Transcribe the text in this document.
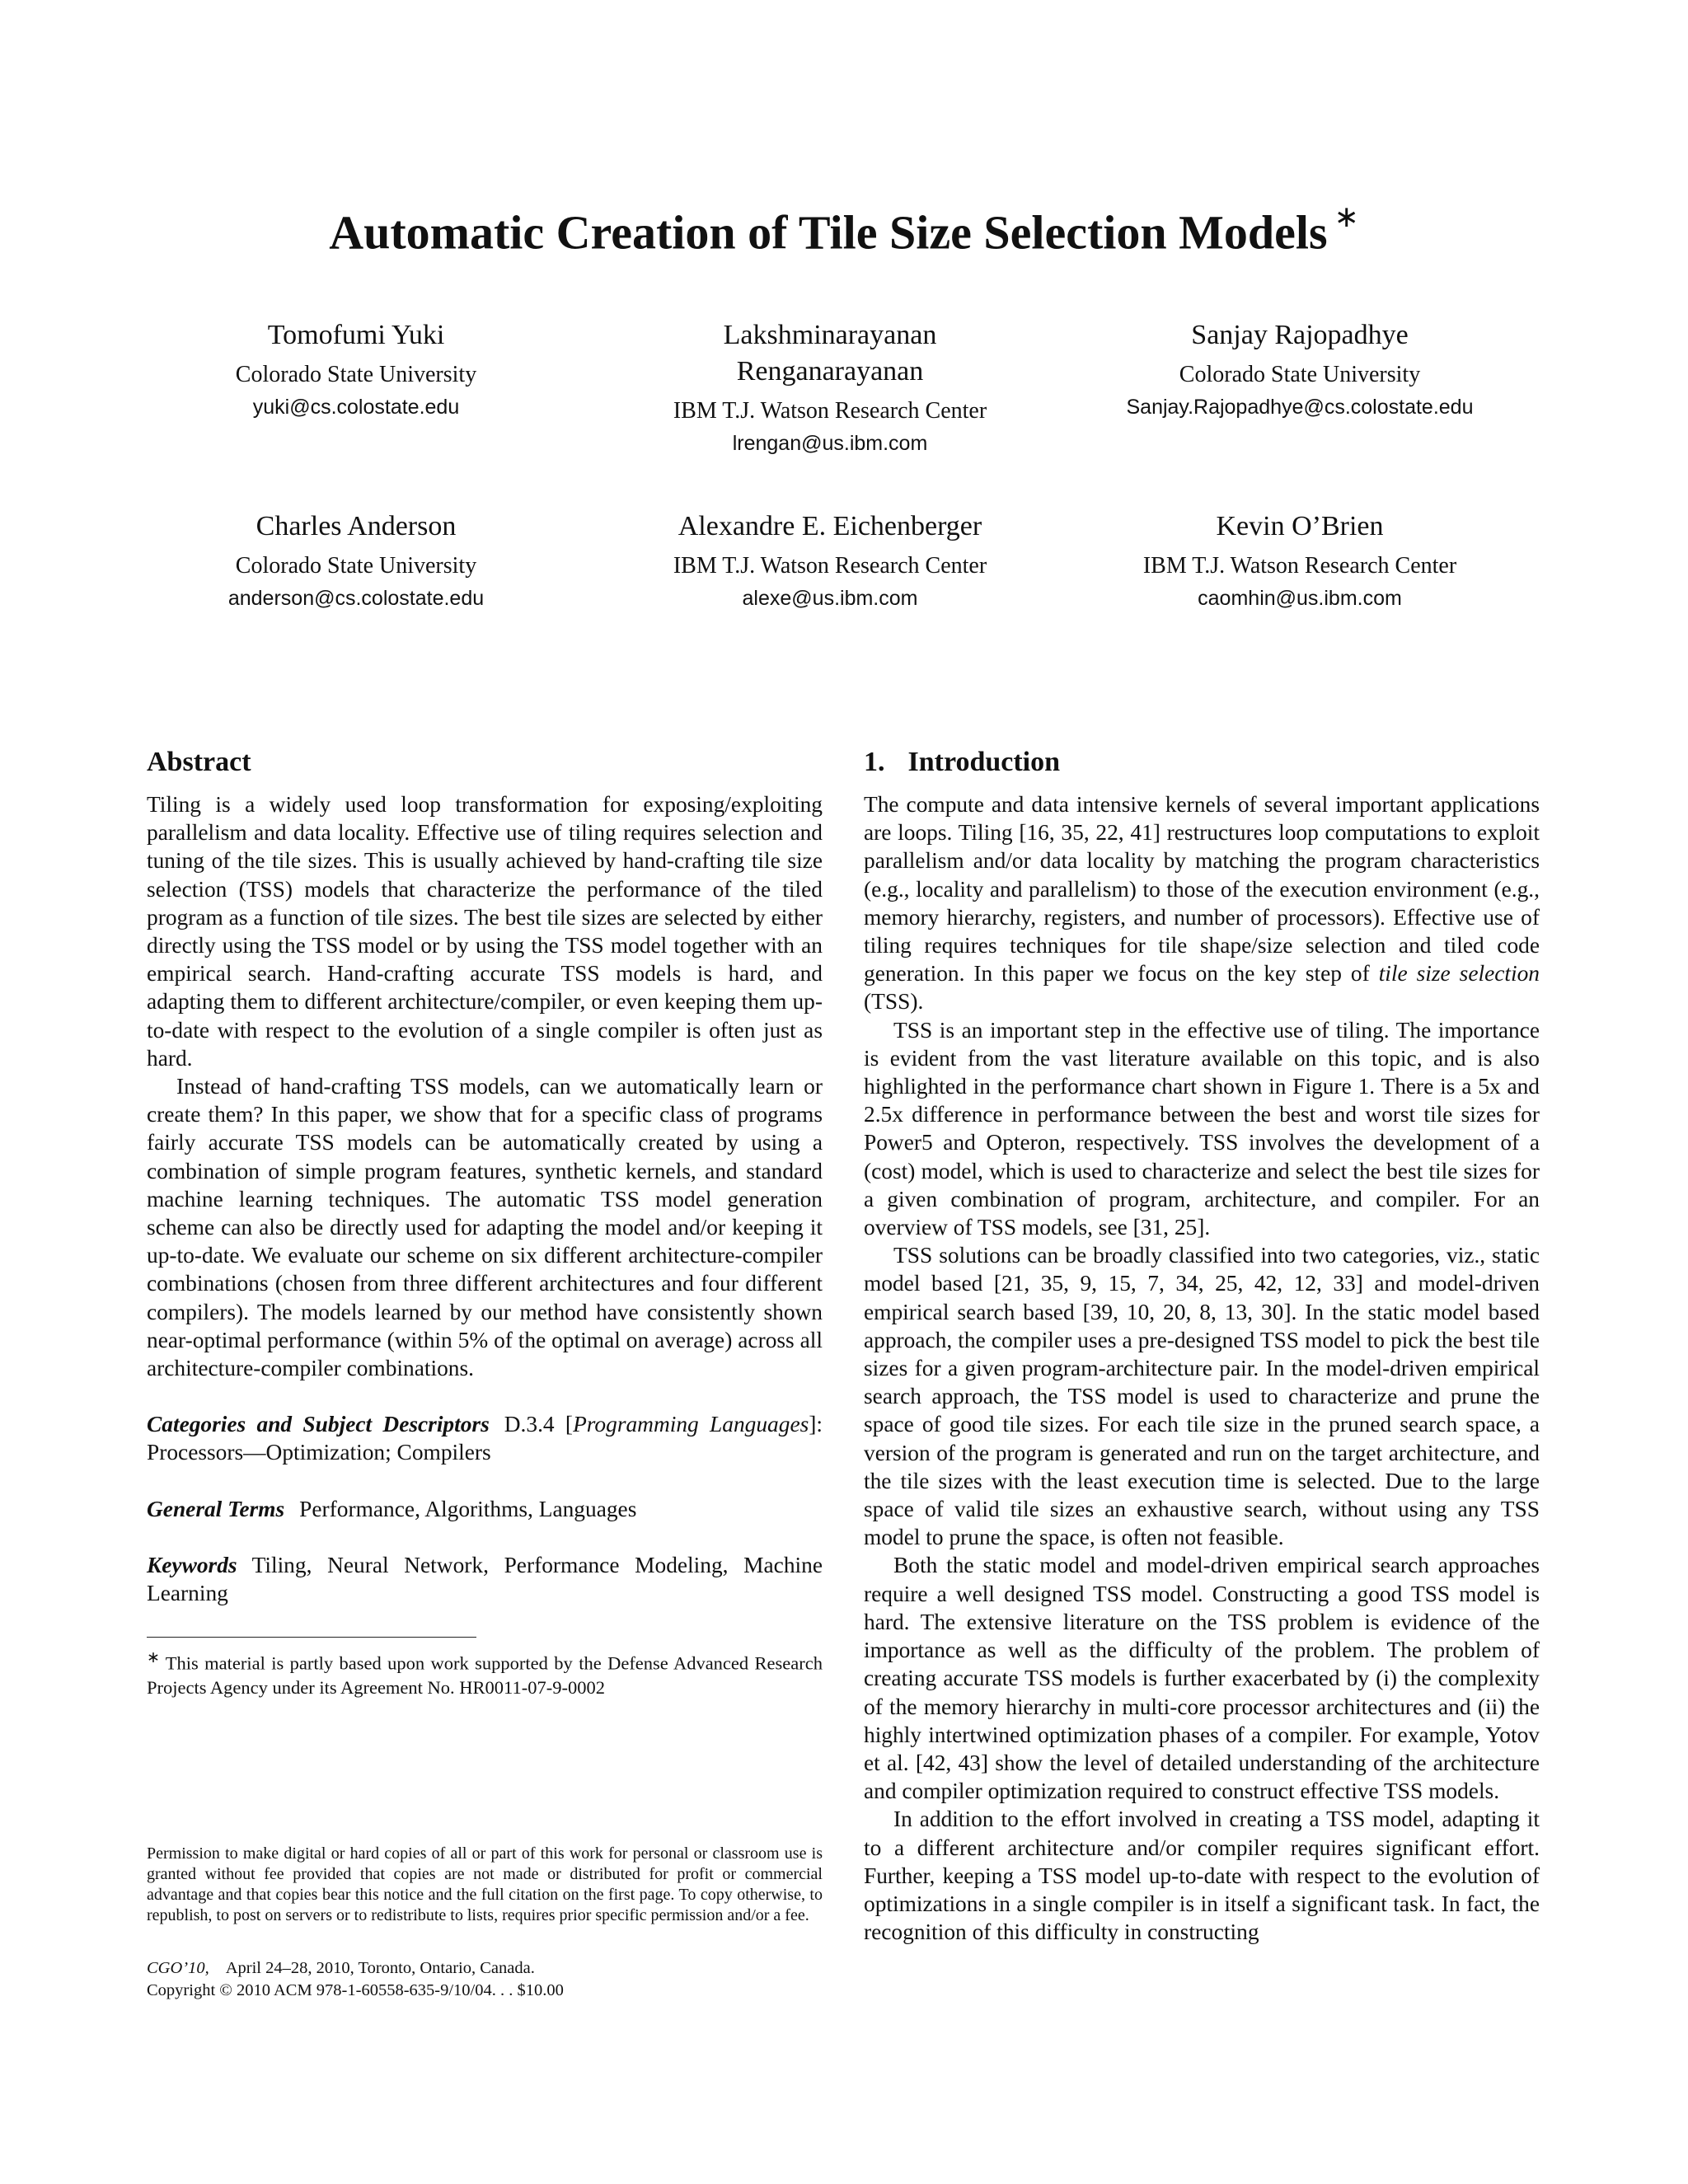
Automatic Creation of Tile Size Selection Models ∗
Tomofumi Yuki
Colorado State University
yuki@cs.colostate.edu
Lakshminarayanan Renganarayanan
IBM T.J. Watson Research Center
lrengan@us.ibm.com
Sanjay Rajopadhye
Colorado State University
Sanjay.Rajopadhye@cs.colostate.edu
Charles Anderson
Colorado State University
anderson@cs.colostate.edu
Alexandre E. Eichenberger
IBM T.J. Watson Research Center
alexe@us.ibm.com
Kevin O’Brien
IBM T.J. Watson Research Center
caomhin@us.ibm.com
Abstract

Tiling is a widely used loop transformation for exposing/exploiting parallelism and data locality. Effective use of tiling requires selection and tuning of the tile sizes. This is usually achieved by hand-crafting tile size selection (TSS) models that characterize the performance of the tiled program as a function of tile sizes. The best tile sizes are selected by either directly using the TSS model or by using the TSS model together with an empirical search. Hand-crafting accurate TSS models is hard, and adapting them to different architecture/compiler, or even keeping them up-to-date with respect to the evolution of a single compiler is often just as hard.

Instead of hand-crafting TSS models, can we automatically learn or create them? In this paper, we show that for a specific class of programs fairly accurate TSS models can be automatically created by using a combination of simple program features, synthetic kernels, and standard machine learning techniques. The automatic TSS model generation scheme can also be directly used for adapting the model and/or keeping it up-to-date. We evaluate our scheme on six different architecture-compiler combinations (chosen from three different architectures and four different compilers). The models learned by our method have consistently shown near-optimal performance (within 5% of the optimal on average) across all architecture-compiler combinations.

Categories and Subject Descriptors D.3.4 [Programming Languages]: Processors—Optimization; Compilers

General Terms Performance, Algorithms, Languages

Keywords Tiling, Neural Network, Performance Modeling, Machine Learning

∗ This material is partly based upon work supported by the Defense Advanced Research Projects Agency under its Agreement No. HR0011-07-9-0002

Permission to make digital or hard copies of all or part of this work for personal or classroom use is granted without fee provided that copies are not made or distributed for profit or commercial advantage and that copies bear this notice and the full citation on the first page. To copy otherwise, to republish, to post on servers or to redistribute to lists, requires prior specific permission and/or a fee.

CGO’10, April 24–28, 2010, Toronto, Ontario, Canada.
Copyright © 2010 ACM 978-1-60558-635-9/10/04. . . $10.00
1. Introduction

The compute and data intensive kernels of several important applications are loops. Tiling [16, 35, 22, 41] restructures loop computations to exploit parallelism and/or data locality by matching the program characteristics (e.g., locality and parallelism) to those of the execution environment (e.g., memory hierarchy, registers, and number of processors). Effective use of tiling requires techniques for tile shape/size selection and tiled code generation. In this paper we focus on the key step of tile size selection (TSS).

TSS is an important step in the effective use of tiling. The importance is evident from the vast literature available on this topic, and is also highlighted in the performance chart shown in Figure 1. There is a 5x and 2.5x difference in performance between the best and worst tile sizes for Power5 and Opteron, respectively. TSS involves the development of a (cost) model, which is used to characterize and select the best tile sizes for a given combination of program, architecture, and compiler. For an overview of TSS models, see [31, 25].

TSS solutions can be broadly classified into two categories, viz., static model based [21, 35, 9, 15, 7, 34, 25, 42, 12, 33] and model-driven empirical search based [39, 10, 20, 8, 13, 30]. In the static model based approach, the compiler uses a pre-designed TSS model to pick the best tile sizes for a given program-architecture pair. In the model-driven empirical search approach, the TSS model is used to characterize and prune the space of good tile sizes. For each tile size in the pruned search space, a version of the program is generated and run on the target architecture, and the tile sizes with the least execution time is selected. Due to the large space of valid tile sizes an exhaustive search, without using any TSS model to prune the space, is often not feasible.

Both the static model and model-driven empirical search approaches require a well designed TSS model. Constructing a good TSS model is hard. The extensive literature on the TSS problem is evidence of the importance as well as the difficulty of the problem. The problem of creating accurate TSS models is further exacerbated by (i) the complexity of the memory hierarchy in multi-core processor architectures and (ii) the highly intertwined optimization phases of a compiler. For example, Yotov et al. [42, 43] show the level of detailed understanding of the architecture and compiler optimization required to construct effective TSS models.

In addition to the effort involved in creating a TSS model, adapting it to a different architecture and/or compiler requires significant effort. Further, keeping a TSS model up-to-date with respect to the evolution of optimizations in a single compiler is in itself a significant task. In fact, the recognition of this difficulty in constructing
